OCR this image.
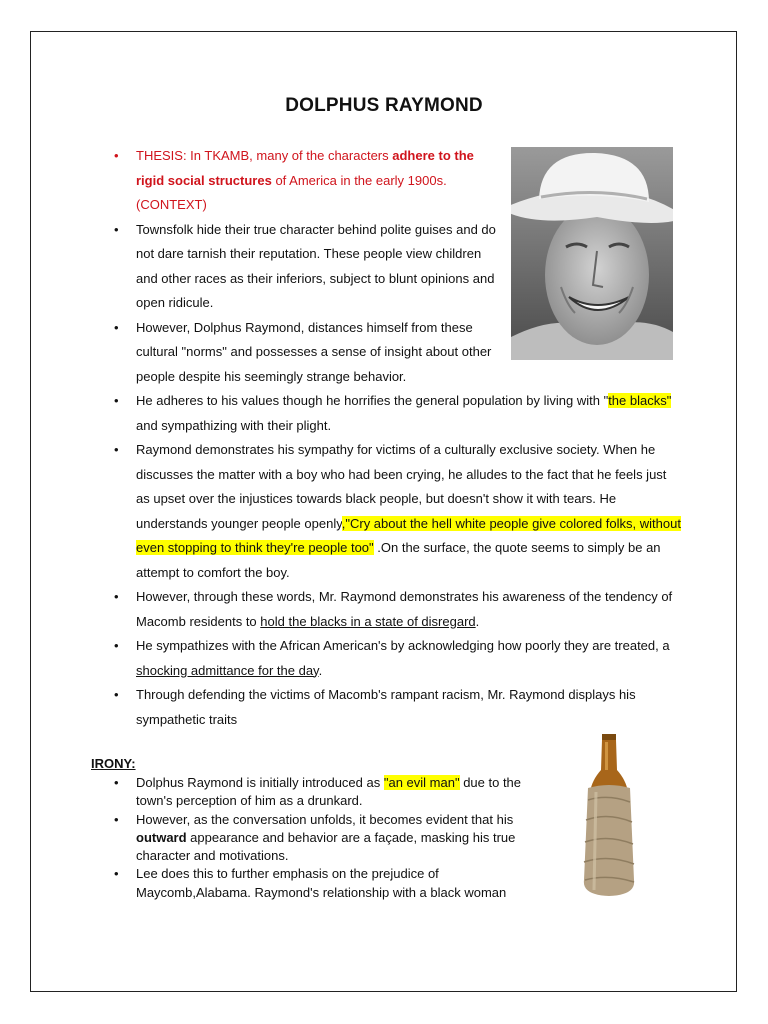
DOLPHUS RAYMOND
• THESIS: In TKAMB, many of the characters adhere to the rigid social structures of America in the early 1900s. (CONTEXT)
• Townsfolk hide their true character behind polite guises and do not dare tarnish their reputation. These people view children and other races as their inferiors, subject to blunt opinions and open ridicule.
• However, Dolphus Raymond, distances himself from these cultural "norms" and possesses a sense of insight about other people despite his seemingly strange behavior.
• He adheres to his values though he horrifies the general population by living with "the blacks" and sympathizing with their plight.
• Raymond demonstrates his sympathy for victims of a culturally exclusive society. When he discusses the matter with a boy who had been crying, he alludes to the fact that he feels just as upset over the injustices towards black people, but doesn't show it with tears. He understands younger people openly,"Cry about the hell white people give colored folks, without even stopping to think they're people too" .On the surface, the quote seems to simply be an attempt to comfort the boy.
• However, through these words, Mr. Raymond demonstrates his awareness of the tendency of Macomb residents to hold the blacks in a state of disregard.
• He sympathizes with the African American's by acknowledging how poorly they are treated, a shocking admittance for the day.
• Through defending the victims of Macomb's rampant racism, Mr. Raymond displays his sympathetic traits
IRONY:
• Dolphus Raymond is initially introduced as "an evil man" due to the town's perception of him as a drunkard.
• However, as the conversation unfolds, it becomes evident that his outward appearance and behavior are a façade, masking his true character and motivations.
• Lee does this to further emphasis on the prejudice of Maycomb,Alabama. Raymond's relationship with a black woman
